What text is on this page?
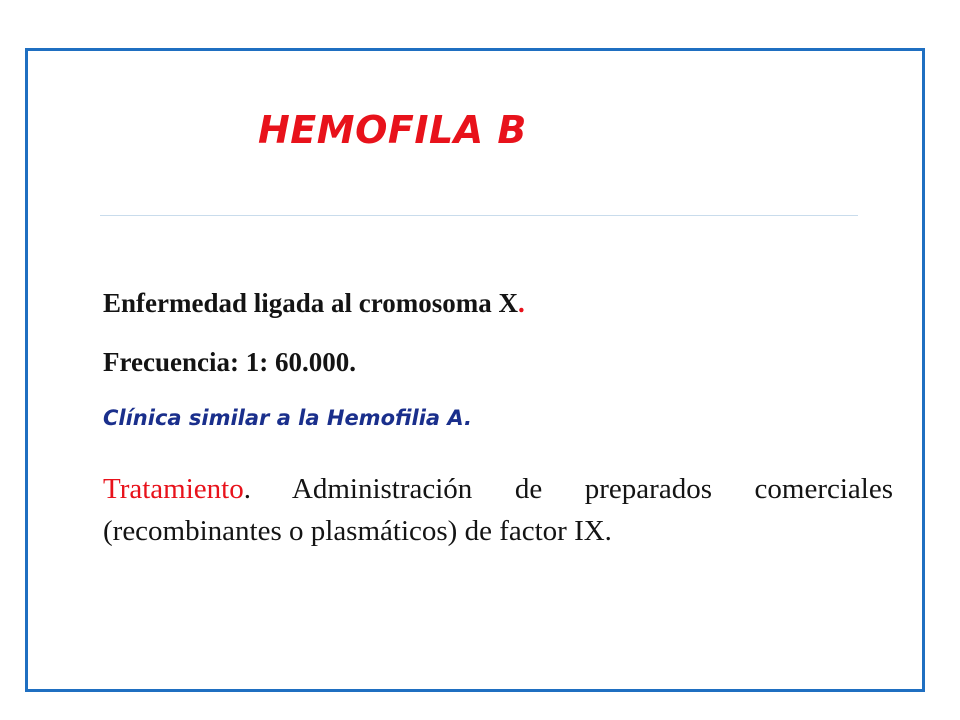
HEMOFILA B

Enfermedad ligada al cromosoma X.

Frecuencia: 1: 60.000.

Clínica similar a la Hemofilia A.

Tratamiento. Administración de preparados comerciales (recombinantes o plasmáticos) de factor IX.
